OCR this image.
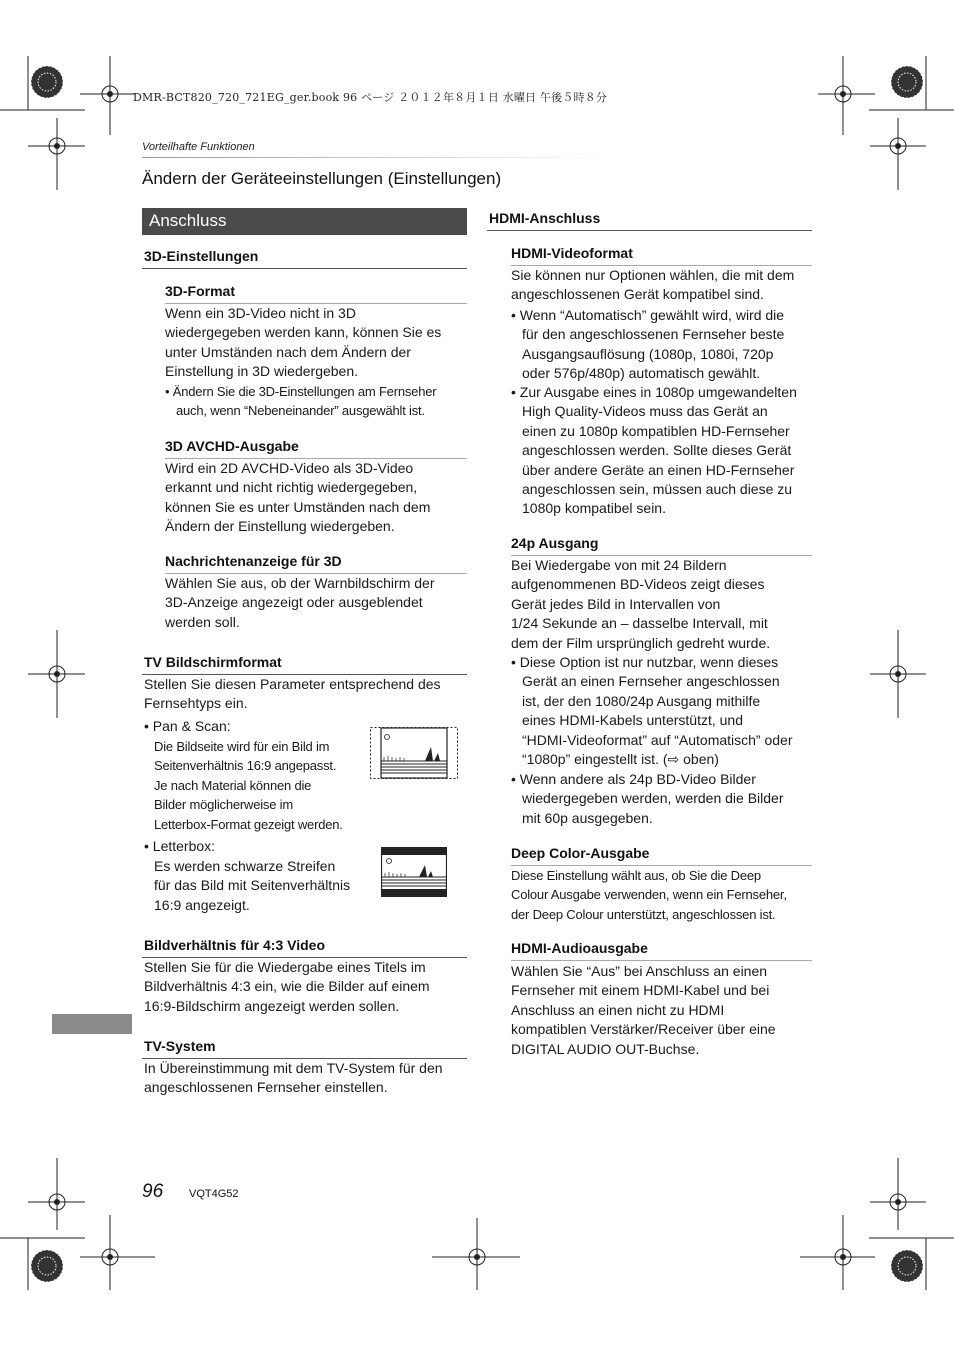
DMR-BCT820_720_721EG_ger.book 96 ページ ２０１２年８月１日 水曜日 午後５時８分
Vorteilhafte Funktionen
Ändern der Geräteeinstellungen (Einstellungen)
Anschluss
3D-Einstellungen
3D-Format
Wenn ein 3D-Video nicht in 3D
wiedergegeben werden kann, können Sie es
unter Umständen nach dem Ändern der
Einstellung in 3D wiedergeben.
• Ändern Sie die 3D-Einstellungen am Fernseher
auch, wenn “Nebeneinander” ausgewählt ist.
3D AVCHD-Ausgabe
Wird ein 2D AVCHD-Video als 3D-Video
erkannt und nicht richtig wiedergegeben,
können Sie es unter Umständen nach dem
Ändern der Einstellung wiedergeben.
Nachrichtenanzeige für 3D
Wählen Sie aus, ob der Warnbildschirm der
3D-Anzeige angezeigt oder ausgeblendet
werden soll.
TV Bildschirmformat
Stellen Sie diesen Parameter entsprechend des
Fernsehtyps ein.
• Pan & Scan:
Die Bildseite wird für ein Bild im
Seitenverhältnis 16:9 angepasst.
Je nach Material können die
Bilder möglicherweise im
Letterbox-Format gezeigt werden.
• Letterbox:
Es werden schwarze Streifen
für das Bild mit Seitenverhältnis
16:9 angezeigt.
Bildverhältnis für 4:3 Video
Stellen Sie für die Wiedergabe eines Titels im
Bildverhältnis 4:3 ein, wie die Bilder auf einem
16:9-Bildschirm angezeigt werden sollen.
TV-System
In Übereinstimmung mit dem TV-System für den
angeschlossenen Fernseher einstellen.
HDMI-Anschluss
HDMI-Videoformat
Sie können nur Optionen wählen, die mit dem
angeschlossenen Gerät kompatibel sind.
• Wenn “Automatisch” gewählt wird, wird die
für den angeschlossenen Fernseher beste
Ausgangsauflösung (1080p, 1080i, 720p
oder 576p/480p) automatisch gewählt.
• Zur Ausgabe eines in 1080p umgewandelten
High Quality-Videos muss das Gerät an
einen zu 1080p kompatiblen HD-Fernseher
angeschlossen werden. Sollte dieses Gerät
über andere Geräte an einen HD-Fernseher
angeschlossen sein, müssen auch diese zu
1080p kompatibel sein.
24p Ausgang
Bei Wiedergabe von mit 24 Bildern
aufgenommenen BD-Videos zeigt dieses
Gerät jedes Bild in Intervallen von
1/24 Sekunde an – dasselbe Intervall, mit
dem der Film ursprünglich gedreht wurde.
• Diese Option ist nur nutzbar, wenn dieses
Gerät an einen Fernseher angeschlossen
ist, der den 1080/24p Ausgang mithilfe
eines HDMI-Kabels unterstützt, und
“HDMI-Videoformat” auf “Automatisch” oder
“1080p” eingestellt ist. (⇨ oben)
• Wenn andere als 24p BD-Video Bilder
wiedergegeben werden, werden die Bilder
mit 60p ausgegeben.
Deep Color-Ausgabe
Diese Einstellung wählt aus, ob Sie die Deep
Colour Ausgabe verwenden, wenn ein Fernseher,
der Deep Colour unterstützt, angeschlossen ist.
HDMI-Audioausgabe
Wählen Sie “Aus” bei Anschluss an einen
Fernseher mit einem HDMI-Kabel und bei
Anschluss an einen nicht zu HDMI
kompatiblen Verstärker/Receiver über eine
DIGITAL AUDIO OUT-Buchse.
96 VQT4G52
